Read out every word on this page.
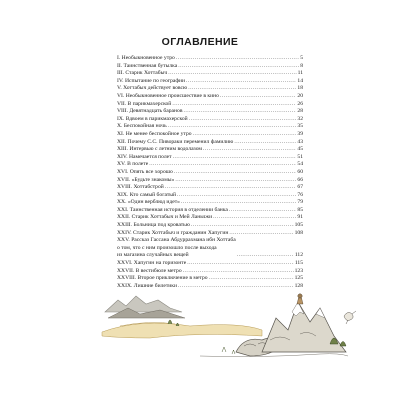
ОГЛАВЛЕНИЕ
I. Необыкновенное утро .....	5
II. Таинственная бутылка .....	8
III. Старик Хоттабыч .....	11
IV. Испытание по географии .....	14
V. Хоттабыч действует вовсю .....	18
VI. Необыкновенное происшествие в кино .....	20
VII. В парикмахерской .....	26
VIII. Девятнадцать баранов .....	28
IX. Вдвоем в парикмахерской .....	32
X. Беспокойная ночь .....	35
XI. Не менее беспокойное утро .....	39
XII. Почему С.С. Пивораки переменил фамилию .....	43
XIII. Интервью с летним водолазом .....	45
XIV. Намечается полет .....	51
XV. В полете .....	54
XVI. Опять все хорошо .....	60
XVII. «Будьте знакомы» .....	66
XVIII. Хоттабстрой .....	67
XIX. Кто самый богатый .....	76
XX. «Один верблюд идет» .....	79
XXI. Таинственная история в отделении банка .....	85
XXII. Старик Хоттабыч и Мей Ланьчжи .....	91
XXIII. Больница под кроватью .....	105
XXIV. Старик Хоттабыч и гражданин Хапугин .....	108
XXV. Рассказ Гассана Абдуррахмана ибн Хоттаба
о том, что с ним произошло после выхода
из магазина случайных вещей .....	112
XXVI. Хапугин на горизонте .....	115
XXVII. В вестибюле метро .....	123
XXVIII. Второе приключение в метро .....	125
XXIX. Лишние билетики .....	128
